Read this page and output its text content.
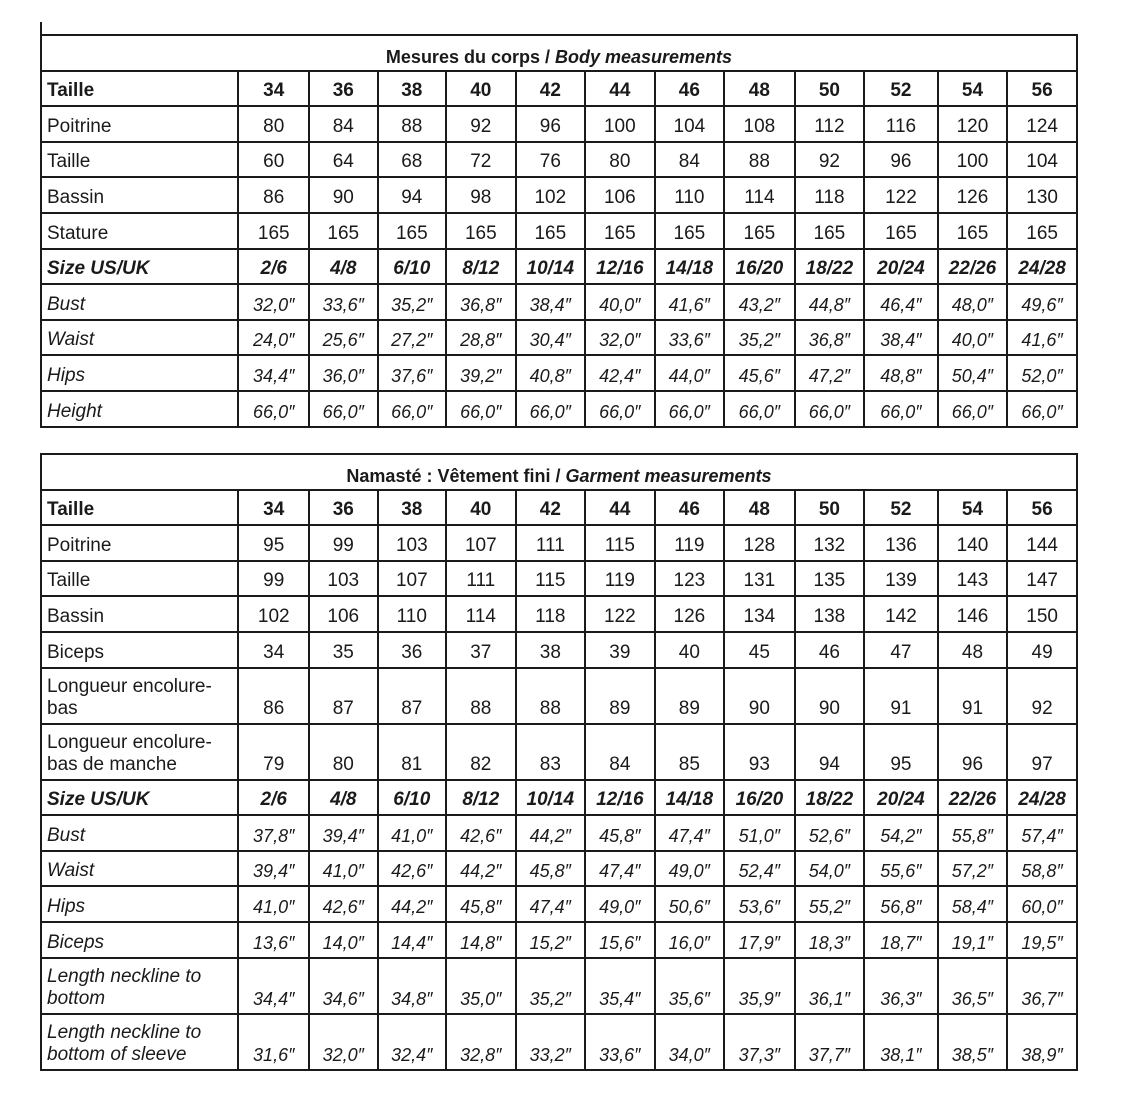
Mesures du corps / Body measurements												
Taille	34	36	38	40	42	44	46	48	50	52	54	56
Poitrine	80	84	88	92	96	100	104	108	112	116	120	124
Taille	60	64	68	72	76	80	84	88	92	96	100	104
Bassin	86	90	94	98	102	106	110	114	118	122	126	130
Stature	165	165	165	165	165	165	165	165	165	165	165	165
Size US/UK	2/6	4/8	6/10	8/12	10/14	12/16	14/18	16/20	18/22	20/24	22/26	24/28
Bust	32,0″	33,6″	35,2″	36,8″	38,4″	40,0″	41,6″	43,2″	44,8″	46,4″	48,0″	49,6″
Waist	24,0″	25,6″	27,2″	28,8″	30,4″	32,0″	33,6″	35,2″	36,8″	38,4″	40,0″	41,6″
Hips	34,4″	36,0″	37,6″	39,2″	40,8″	42,4″	44,0″	45,6″	47,2″	48,8″	50,4″	52,0″
Height	66,0″	66,0″	66,0″	66,0″	66,0″	66,0″	66,0″	66,0″	66,0″	66,0″	66,0″	66,0″
Namasté : Vêtement fini / Garment measurements												
Taille	34	36	38	40	42	44	46	48	50	52	54	56
Poitrine	95	99	103	107	111	115	119	128	132	136	140	144
Taille	99	103	107	111	115	119	123	131	135	139	143	147
Bassin	102	106	110	114	118	122	126	134	138	142	146	150
Biceps	34	35	36	37	38	39	40	45	46	47	48	49
Longueur encolure-bas	86	87	87	88	88	89	89	90	90	91	91	92
Longueur encolure-bas de manche	79	80	81	82	83	84	85	93	94	95	96	97
Size US/UK	2/6	4/8	6/10	8/12	10/14	12/16	14/18	16/20	18/22	20/24	22/26	24/28
Bust	37,8″	39,4″	41,0″	42,6″	44,2″	45,8″	47,4″	51,0″	52,6″	54,2″	55,8″	57,4″
Waist	39,4″	41,0″	42,6″	44,2″	45,8″	47,4″	49,0″	52,4″	54,0″	55,6″	57,2″	58,8″
Hips	41,0″	42,6″	44,2″	45,8″	47,4″	49,0″	50,6″	53,6″	55,2″	56,8″	58,4″	60,0″
Biceps	13,6″	14,0″	14,4″	14,8″	15,2″	15,6″	16,0″	17,9″	18,3″	18,7″	19,1″	19,5″
Length neckline to bottom	34,4″	34,6″	34,8″	35,0″	35,2″	35,4″	35,6″	35,9″	36,1″	36,3″	36,5″	36,7″
Length neckline to bottom of sleeve	31,6″	32,0″	32,4″	32,8″	33,2″	33,6″	34,0″	37,3″	37,7″	38,1″	38,5″	38,9″
